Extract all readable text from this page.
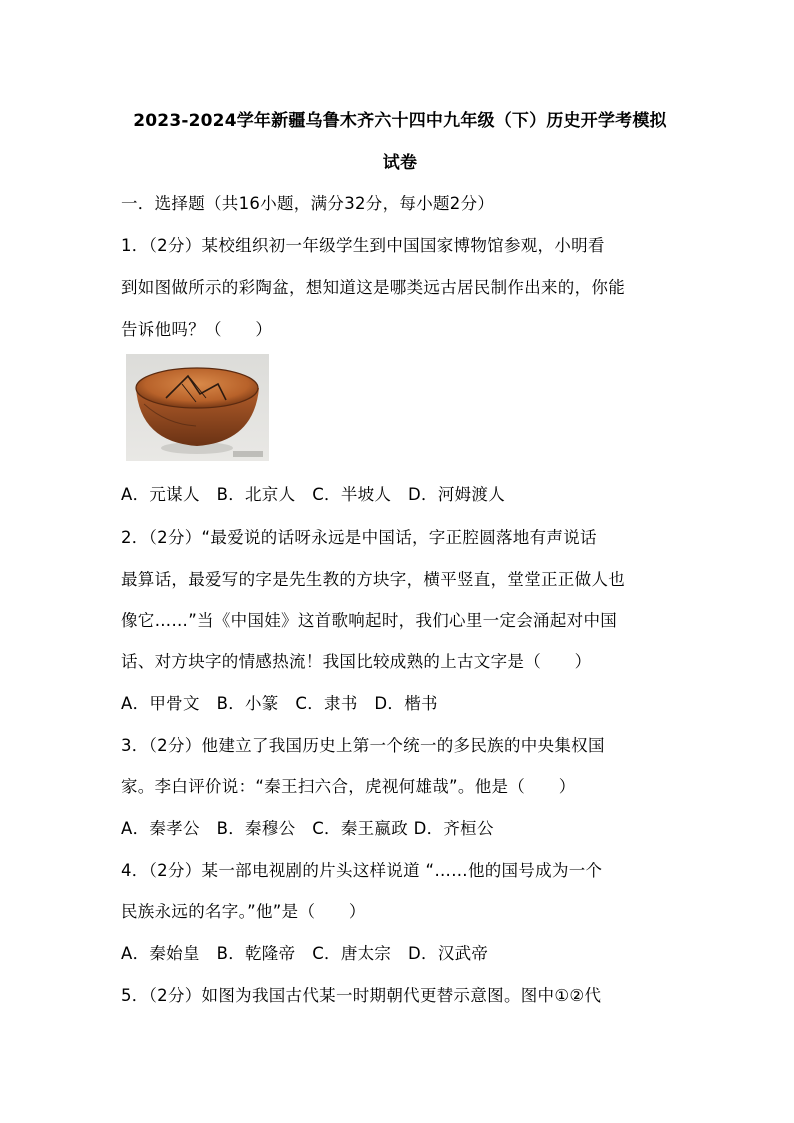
2023-2024学年新疆乌鲁木齐六十四中九年级（下）历史开学考模拟
试卷
一．选择题（共16小题，满分32分，每小题2分）
1．（2分）某校组织初一年级学生到中国国家博物馆参观，小明看
到如图做所示的彩陶盆，想知道这是哪类远古居民制作出来的，你能
告诉他吗？（　　）
A．元谋人　B．北京人　C．半坡人　D．河姆渡人
2．（2分）“最爱说的话呀永远是中国话，字正腔圆落地有声说话
最算话，最爱写的字是先生教的方块字，横平竖直，堂堂正正做人也
像它……”当《中国娃》这首歌响起时，我们心里一定会涌起对中国
话、对方块字的情感热流！我国比较成熟的上古文字是（　　）
A．甲骨文　B．小篆　C．隶书　D．楷书
3．（2分）他建立了我国历史上第一个统一的多民族的中央集权国
家。李白评价说：“秦王扫六合，虎视何雄哉”。他是（　　）
A．秦孝公　B．秦穆公　C．秦王嬴政 D．齐桓公
4．（2分）某一部电视剧的片头这样说道 “……他的国号成为一个
民族永远的名字。”他”是（　　）
A．秦始皇　B．乾隆帝　C．唐太宗　D．汉武帝
5．（2分）如图为我国古代某一时期朝代更替示意图。图中①②代
